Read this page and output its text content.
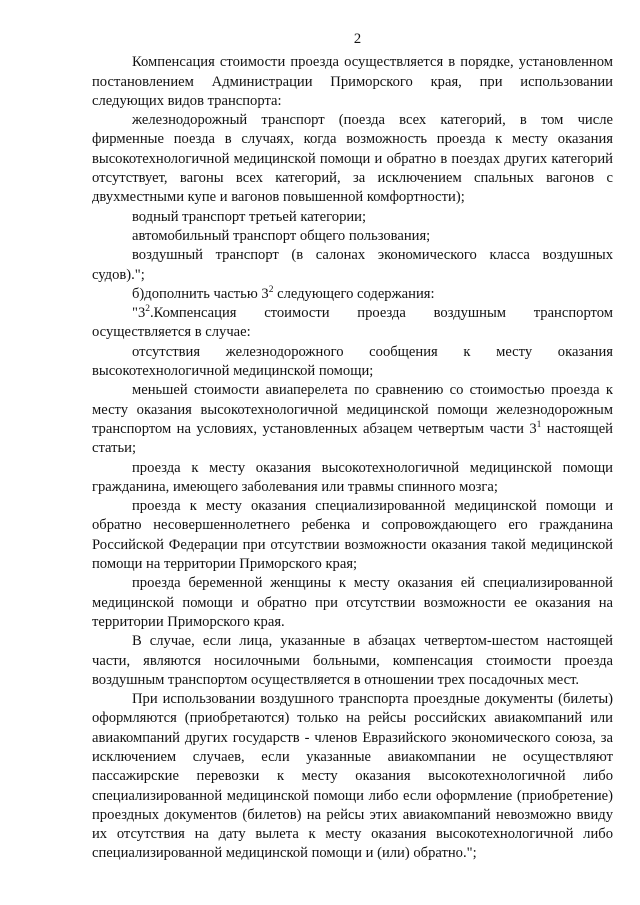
2

Компенсация стоимости проезда осуществляется в порядке, установленном постановлением Администрации Приморского края, при использовании следующих видов транспорта:

железнодорожный транспорт (поезда всех категорий, в том числе фирменные поезда в случаях, когда возможность проезда к месту оказания высокотехнологичной медицинской помощи и обратно в поездах других категорий отсутствует, вагоны всех категорий, за исключением спальных вагонов с двухместными купе и вагонов повышенной комфортности);

водный транспорт третьей категории;

автомобильный транспорт общего пользования;

воздушный транспорт (в салонах экономического класса воздушных судов).";

б)дополнить частью $3^2$ следующего содержания:

"$3^2.Компенсация$ стоимости проезда воздушным транспортом осуществляется в случае:

отсутствия железнодорожного сообщения к месту оказания высокотехнологичной медицинской помощи;

меньшей стоимости авиаперелета по сравнению со стоимостью проезда к месту оказания высокотехнологичной медицинской помощи железнодорожным транспортом на условиях, установленных абзацем четвертым части $3^1$ настоящей статьи;

проезда к месту оказания высокотехнологичной медицинской помощи гражданина, имеющего заболевания или травмы спинного мозга;

проезда к месту оказания специализированной медицинской помощи и обратно несовершеннолетнего ребенка и сопровождающего его гражданина Российской Федерации при отсутствии возможности оказания такой медицинской помощи на территории Приморского края;

проезда беременной женщины к месту оказания ей специализированной медицинской помощи и обратно при отсутствии возможности ее оказания на территории Приморского края.

В случае, если лица, указанные в абзацах четвертом-шестом настоящей части, являются носилочными больными, компенсация стоимости проезда воздушным транспортом осуществляется в отношении трех посадочных мест.

При использовании воздушного транспорта проездные документы (билеты) оформляются (приобретаются) только на рейсы российских авиакомпаний или авиакомпаний других государств - членов Евразийского экономического союза, за исключением случаев, если указанные авиакомпании не осуществляют пассажирские перевозки к месту оказания высокотехнологичной либо специализированной медицинской помощи либо если оформление (приобретение) проездных документов (билетов) на рейсы этих авиакомпаний невозможно ввиду их отсутствия на дату вылета к месту оказания высокотехнологичной либо специализированной медицинской помощи и (или) обратно.";
